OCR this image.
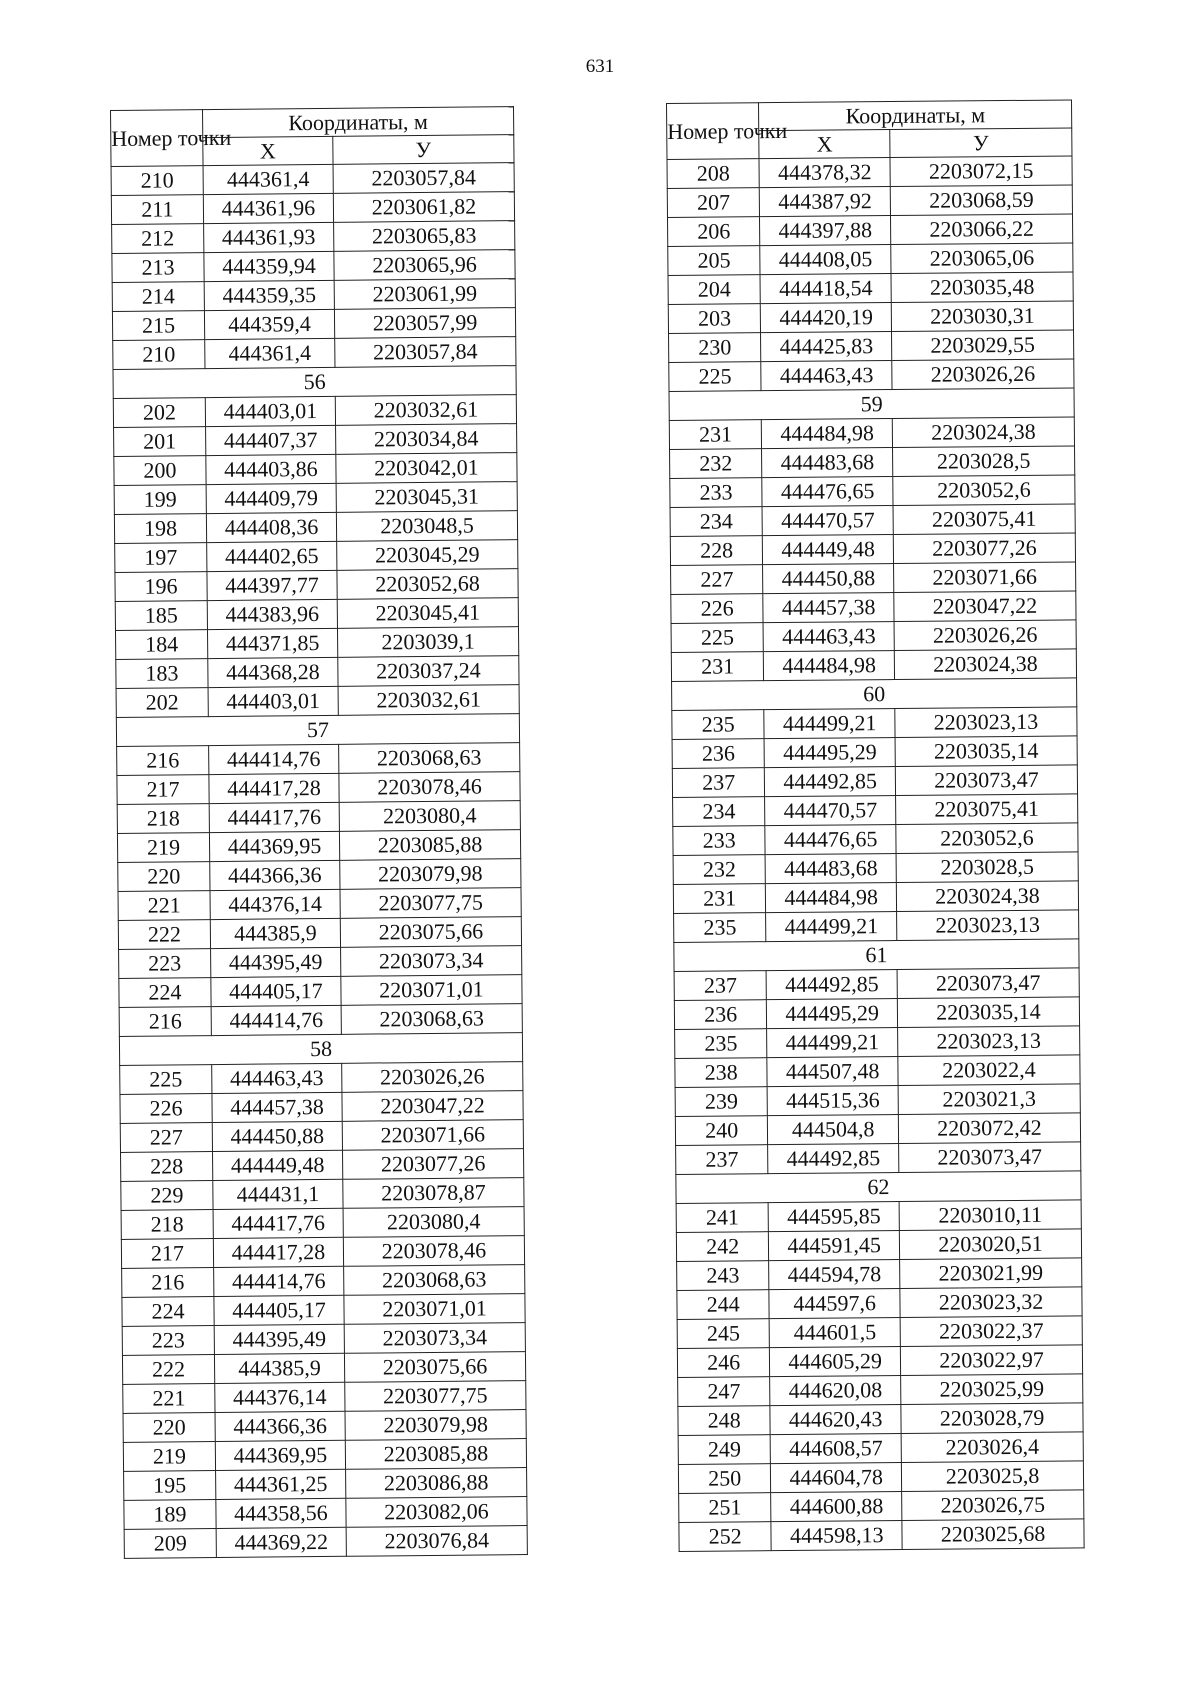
631
Номер точки	Координаты, м	
	Х	У
210	444361,4	2203057,84
211	444361,96	2203061,82
212	444361,93	2203065,83
213	444359,94	2203065,96
214	444359,35	2203061,99
215	444359,4	2203057,99
210	444361,4	2203057,84
56		
202	444403,01	2203032,61
201	444407,37	2203034,84
200	444403,86	2203042,01
199	444409,79	2203045,31
198	444408,36	2203048,5
197	444402,65	2203045,29
196	444397,77	2203052,68
185	444383,96	2203045,41
184	444371,85	2203039,1
183	444368,28	2203037,24
202	444403,01	2203032,61
57		
216	444414,76	2203068,63
217	444417,28	2203078,46
218	444417,76	2203080,4
219	444369,95	2203085,88
220	444366,36	2203079,98
221	444376,14	2203077,75
222	444385,9	2203075,66
223	444395,49	2203073,34
224	444405,17	2203071,01
216	444414,76	2203068,63
58		
225	444463,43	2203026,26
226	444457,38	2203047,22
227	444450,88	2203071,66
228	444449,48	2203077,26
229	444431,1	2203078,87
218	444417,76	2203080,4
217	444417,28	2203078,46
216	444414,76	2203068,63
224	444405,17	2203071,01
223	444395,49	2203073,34
222	444385,9	2203075,66
221	444376,14	2203077,75
220	444366,36	2203079,98
219	444369,95	2203085,88
195	444361,25	2203086,88
189	444358,56	2203082,06
209	444369,22	2203076,84
Номер точки	Координаты, м	
	Х	У
208	444378,32	2203072,15
207	444387,92	2203068,59
206	444397,88	2203066,22
205	444408,05	2203065,06
204	444418,54	2203035,48
203	444420,19	2203030,31
230	444425,83	2203029,55
225	444463,43	2203026,26
59		
231	444484,98	2203024,38
232	444483,68	2203028,5
233	444476,65	2203052,6
234	444470,57	2203075,41
228	444449,48	2203077,26
227	444450,88	2203071,66
226	444457,38	2203047,22
225	444463,43	2203026,26
231	444484,98	2203024,38
60		
235	444499,21	2203023,13
236	444495,29	2203035,14
237	444492,85	2203073,47
234	444470,57	2203075,41
233	444476,65	2203052,6
232	444483,68	2203028,5
231	444484,98	2203024,38
235	444499,21	2203023,13
61		
237	444492,85	2203073,47
236	444495,29	2203035,14
235	444499,21	2203023,13
238	444507,48	2203022,4
239	444515,36	2203021,3
240	444504,8	2203072,42
237	444492,85	2203073,47
62		
241	444595,85	2203010,11
242	444591,45	2203020,51
243	444594,78	2203021,99
244	444597,6	2203023,32
245	444601,5	2203022,37
246	444605,29	2203022,97
247	444620,08	2203025,99
248	444620,43	2203028,79
249	444608,57	2203026,4
250	444604,78	2203025,8
251	444600,88	2203026,75
252	444598,13	2203025,68
